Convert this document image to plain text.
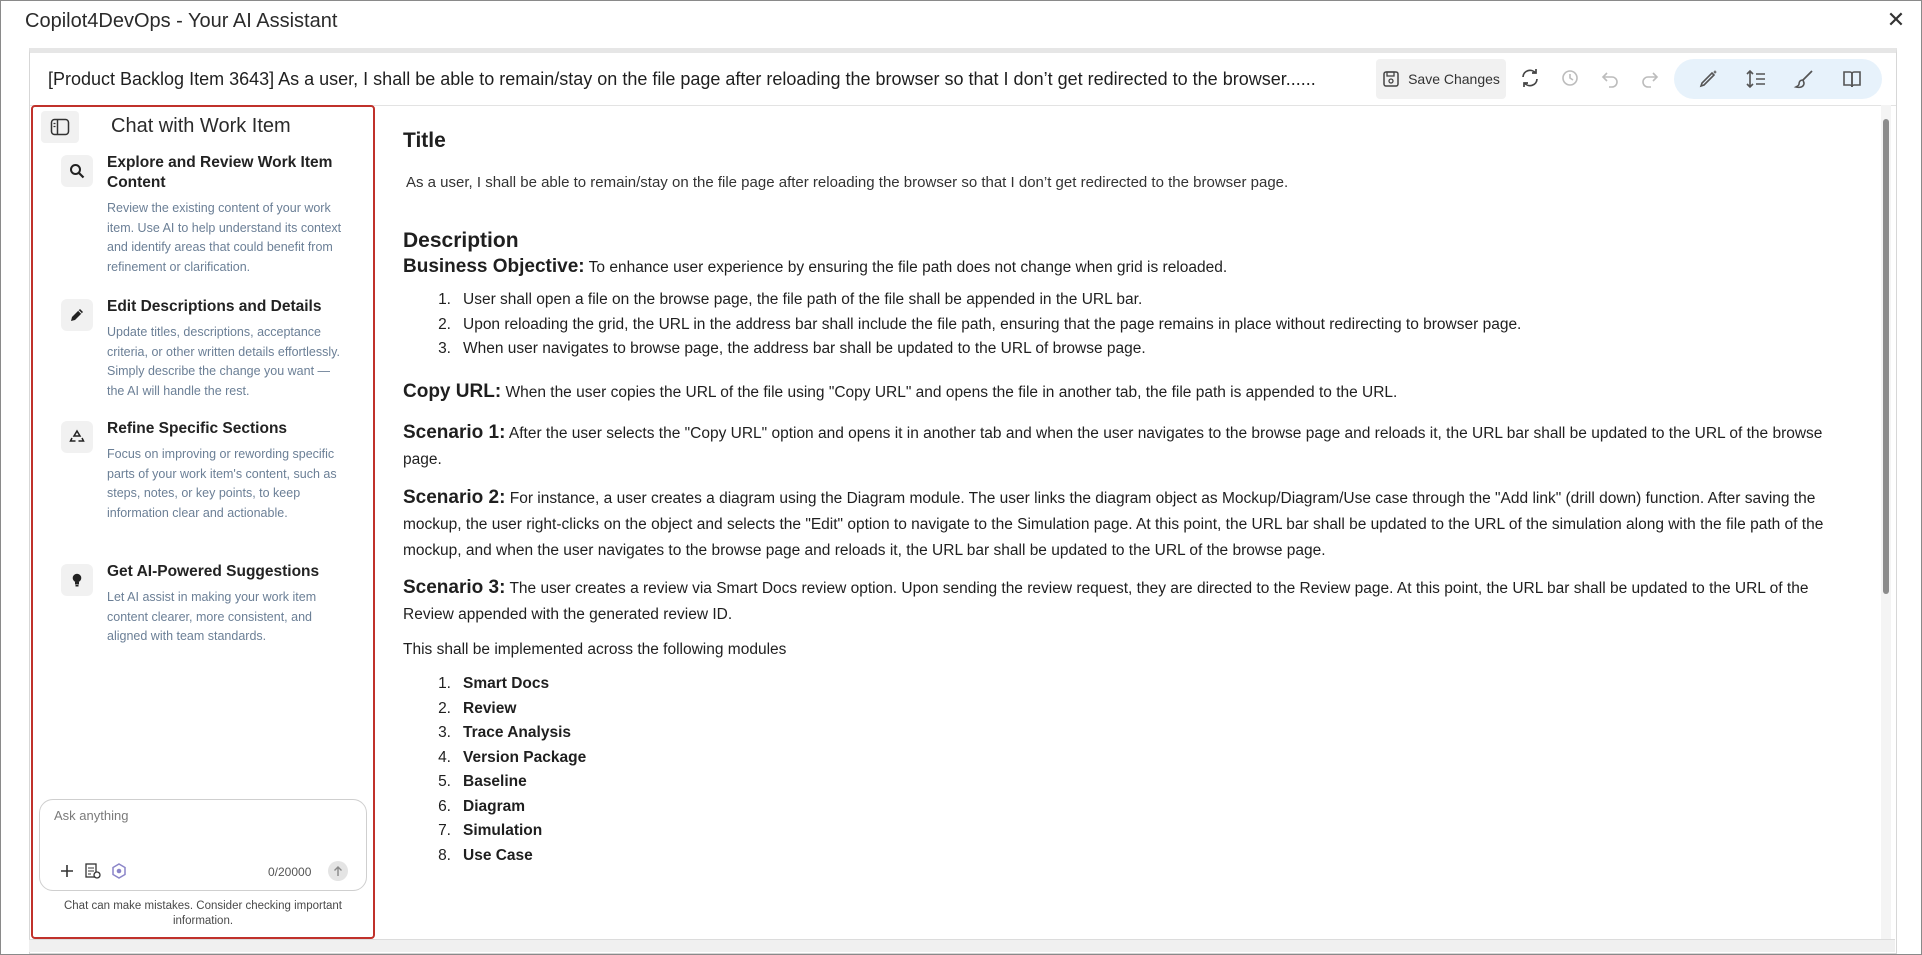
Copilot4DevOps - Your AI Assistant	✕
[Product Backlog Item 3643] As a user, I shall be able to remain/stay on the file page after reloading the browser so that I don’t get redirected to the browser......	Save Changes
Chat with Work Item
Explore and Review Work Item Content
Review the existing content of your work item. Use AI to help understand its context and identify areas that could benefit from refinement or clarification.
Edit Descriptions and Details
Update titles, descriptions, acceptance criteria, or other written details effortlessly. Simply describe the change you want — the AI will handle the rest.
Refine Specific Sections
Focus on improving or rewording specific parts of your work item's content, such as steps, notes, or key points, to keep information clear and actionable.
Get AI-Powered Suggestions
Let AI assist in making your work item content clearer, more consistent, and aligned with team standards.
Ask anything
0/20000
Chat can make mistakes. Consider checking important information.
Title
As a user, I shall be able to remain/stay on the file page after reloading the browser so that I don’t get redirected to the browser page.
Description
Business Objective: To enhance user experience by ensuring the file path does not change when grid is reloaded.
1. User shall open a file on the browse page, the file path of the file shall be appended in the URL bar.
2. Upon reloading the grid, the URL in the address bar shall include the file path, ensuring that the page remains in place without redirecting to browser page.
3. When user navigates to browse page, the address bar shall be updated to the URL of browse page.
Copy URL: When the user copies the URL of the file using "Copy URL" and opens the file in another tab, the file path is appended to the URL.
Scenario 1: After the user selects the "Copy URL" option and opens it in another tab and when the user navigates to the browse page and reloads it, the URL bar shall be updated to the URL of the browse page.
Scenario 2: For instance, a user creates a diagram using the Diagram module. The user links the diagram object as Mockup/Diagram/Use case through the "Add link" (drill down) function. After saving the mockup, the user right-clicks on the object and selects the "Edit" option to navigate to the Simulation page. At this point, the URL bar shall be updated to the URL of the simulation along with the file path of the mockup, and when the user navigates to the browse page and reloads it, the URL bar shall be updated to the URL of the browse page.
Scenario 3: The user creates a review via Smart Docs review option. Upon sending the review request, they are directed to the Review page. At this point, the URL bar shall be updated to the URL of the Review appended with the generated review ID.
This shall be implemented across the following modules
1. Smart Docs
2. Review
3. Trace Analysis
4. Version Package
5. Baseline
6. Diagram
7. Simulation
8. Use Case
